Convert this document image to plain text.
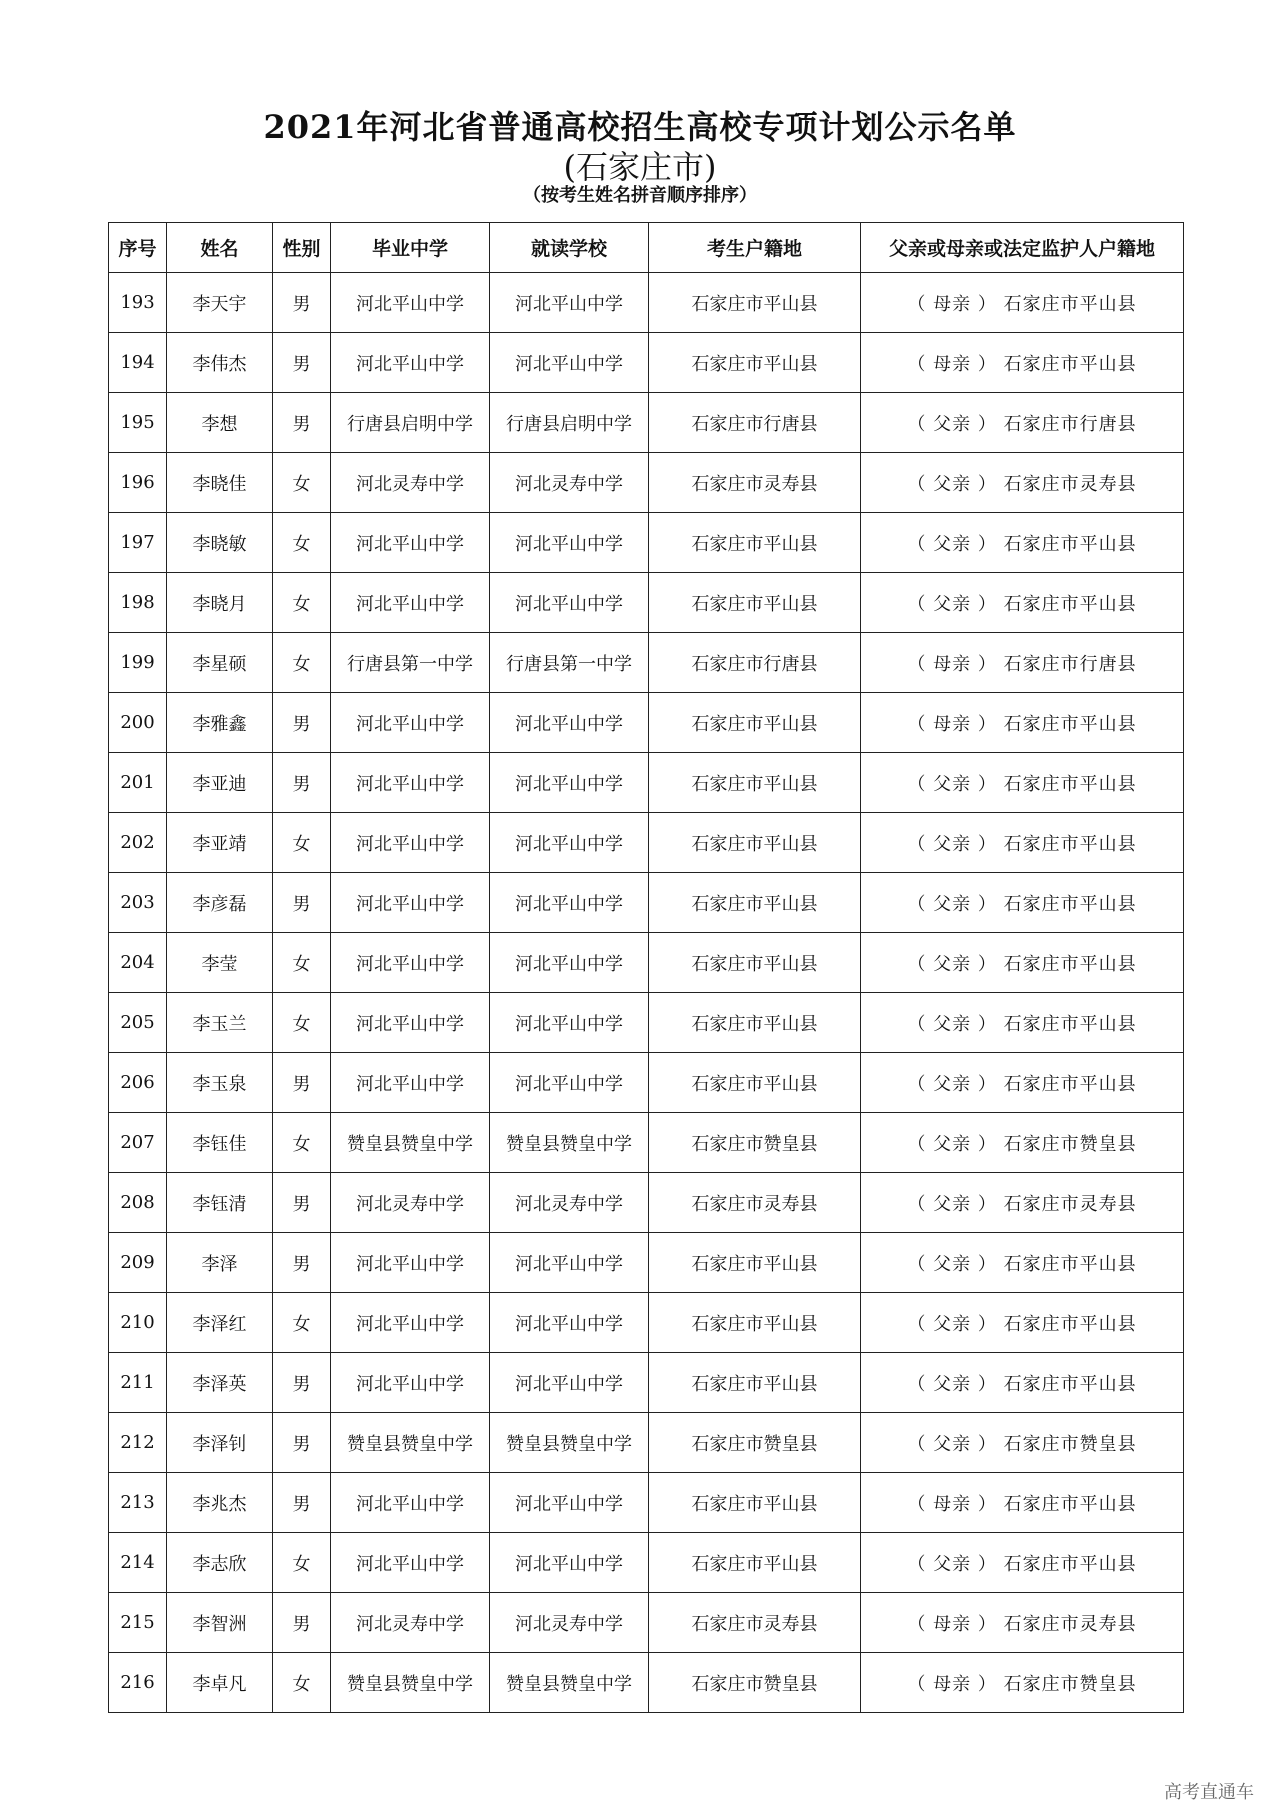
2021年河北省普通高校招生高校专项计划公示名单
(石家庄市)
（按考生姓名拼音顺序排序）
序号	姓名	性别	毕业中学	就读学校	考生户籍地	父亲或母亲或法定监护人户籍地
193	李天宇	男	河北平山中学	河北平山中学	石家庄市平山县	（ 母亲 ） 石家庄市平山县
194	李伟杰	男	河北平山中学	河北平山中学	石家庄市平山县	（ 母亲 ） 石家庄市平山县
195	李想	男	行唐县启明中学	行唐县启明中学	石家庄市行唐县	（ 父亲 ） 石家庄市行唐县
196	李晓佳	女	河北灵寿中学	河北灵寿中学	石家庄市灵寿县	（ 父亲 ） 石家庄市灵寿县
197	李晓敏	女	河北平山中学	河北平山中学	石家庄市平山县	（ 父亲 ） 石家庄市平山县
198	李晓月	女	河北平山中学	河北平山中学	石家庄市平山县	（ 父亲 ） 石家庄市平山县
199	李星硕	女	行唐县第一中学	行唐县第一中学	石家庄市行唐县	（ 母亲 ） 石家庄市行唐县
200	李雅鑫	男	河北平山中学	河北平山中学	石家庄市平山县	（ 母亲 ） 石家庄市平山县
201	李亚迪	男	河北平山中学	河北平山中学	石家庄市平山县	（ 父亲 ） 石家庄市平山县
202	李亚靖	女	河北平山中学	河北平山中学	石家庄市平山县	（ 父亲 ） 石家庄市平山县
203	李彦磊	男	河北平山中学	河北平山中学	石家庄市平山县	（ 父亲 ） 石家庄市平山县
204	李莹	女	河北平山中学	河北平山中学	石家庄市平山县	（ 父亲 ） 石家庄市平山县
205	李玉兰	女	河北平山中学	河北平山中学	石家庄市平山县	（ 父亲 ） 石家庄市平山县
206	李玉泉	男	河北平山中学	河北平山中学	石家庄市平山县	（ 父亲 ） 石家庄市平山县
207	李钰佳	女	赞皇县赞皇中学	赞皇县赞皇中学	石家庄市赞皇县	（ 父亲 ） 石家庄市赞皇县
208	李钰清	男	河北灵寿中学	河北灵寿中学	石家庄市灵寿县	（ 父亲 ） 石家庄市灵寿县
209	李泽	男	河北平山中学	河北平山中学	石家庄市平山县	（ 父亲 ） 石家庄市平山县
210	李泽红	女	河北平山中学	河北平山中学	石家庄市平山县	（ 父亲 ） 石家庄市平山县
211	李泽英	男	河北平山中学	河北平山中学	石家庄市平山县	（ 父亲 ） 石家庄市平山县
212	李泽钊	男	赞皇县赞皇中学	赞皇县赞皇中学	石家庄市赞皇县	（ 父亲 ） 石家庄市赞皇县
213	李兆杰	男	河北平山中学	河北平山中学	石家庄市平山县	（ 母亲 ） 石家庄市平山县
214	李志欣	女	河北平山中学	河北平山中学	石家庄市平山县	（ 父亲 ） 石家庄市平山县
215	李智洲	男	河北灵寿中学	河北灵寿中学	石家庄市灵寿县	（ 母亲 ） 石家庄市灵寿县
216	李卓凡	女	赞皇县赞皇中学	赞皇县赞皇中学	石家庄市赞皇县	（ 母亲 ） 石家庄市赞皇县
高考直通车
